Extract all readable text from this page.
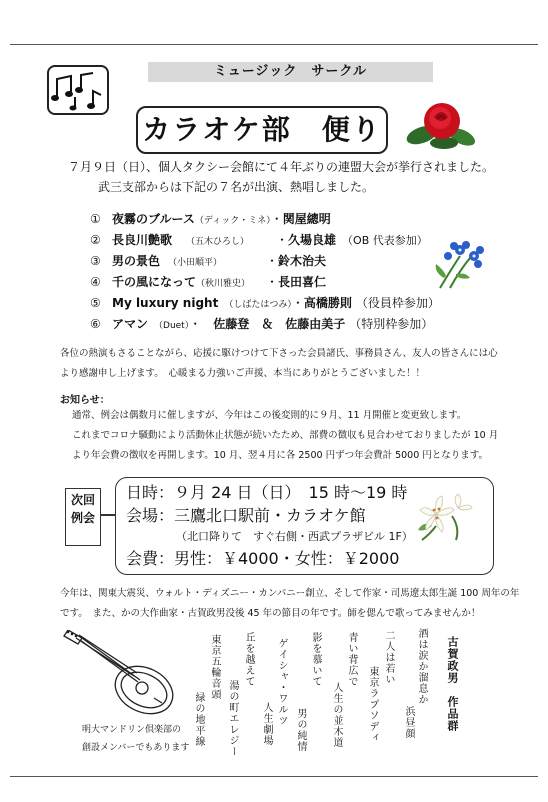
ミュージック　サークル
カラオケ部　便り
７月９日（日）、個人タクシー会館にて４年ぶりの連盟大会が挙行されました。
武三支部からは下記の７名が出演、熱唱しました。
① 夜霧のブルース（ディック・ミネ）・関屋總明
② 長良川艶歌 （五木ひろし） ・久場良雄 （OB 代表参加）
③ 男の景色 （小田順平）	・鈴木治夫
④ 千の風になって（秋川雅史） ・長田喜仁
⑤ My luxury night （しばたはつみ）・高橋勝則 （役員枠参加）
⑥ アマン （Duet）・　佐藤登　＆　佐藤由美子 （特別枠参加）
各位の熱演もさることながら、応援に駆けつけて下さった会員諸氏、事務員さん、友人の皆さんには心
より感謝申し上げます。　心暖まる力強いご声援、本当にありがとうございました！！
お知らせ：
通常、例会は偶数月に催しますが、今年はこの後変則的に９月、11 月開催と変更致します。
これまでコロナ騒動により活動休止状態が続いたため、部費の徴収も見合わせておりましたが 10 月
より年会費の徴収を再開します。10 月、翌４月に各 2500 円ずつ年会費計 5000 円となります。
次回例会
日時：９月 24 日（日）　15 時～19 時
会場：三鷹北口駅前・カラオケ館
（北口降りて　すぐ右側・西武プラザビル 1F）
会費：男性：￥4000・女性：￥2000
今年は、関東大震災、ウォルト・ディズニー・カンパニー創立、そして作家・司馬遼太郎生誕 100 周年の年
です。　また、かの大作曲家・古賀政男没後 45 年の節目の年です。師を偲んで歌ってみませんか！
明大マンドリン倶楽部の
創設メンバーでもあります
古賀政男　作品群
酒は涙か溜息か
浜昼顔
二人は若い
東京ラプソディ
青い背広で
人生の並木道
影を慕いて
男の純情
ゲイシャ・ワルツ
人生劇場
丘を越えて
湯の町エレジー
東京五輪音頭
緑の地平線
